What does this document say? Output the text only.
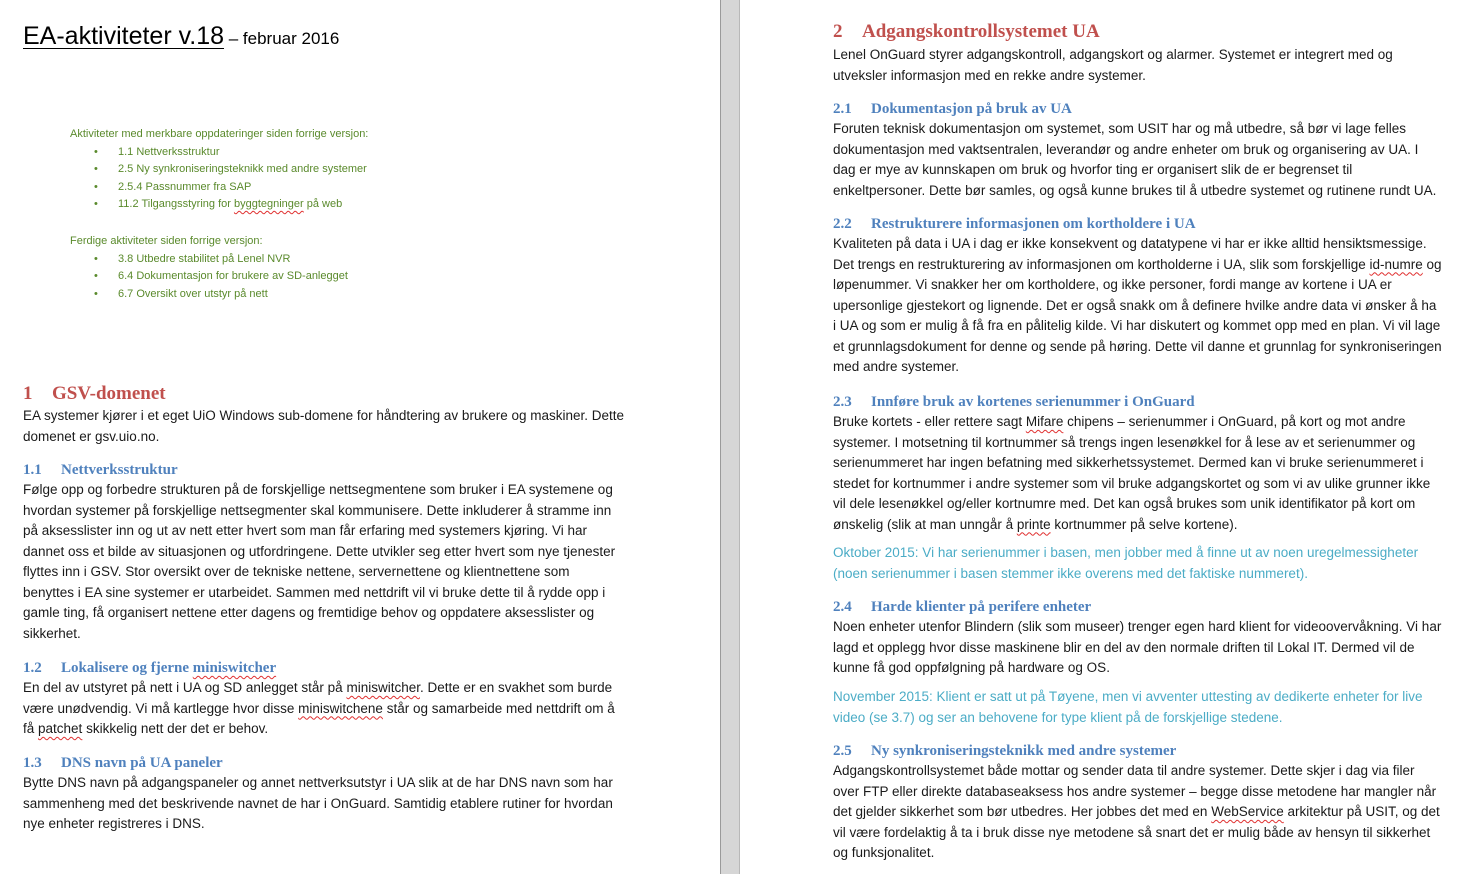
EA-aktiviteter v.18 – februar 2016
Aktiviteter med merkbare oppdateringer siden forrige versjon:
• 1.1 Nettverksstruktur
• 2.5 Ny synkroniseringsteknikk med andre systemer
• 2.5.4 Passnummer fra SAP
• 11.2 Tilgangsstyring for byggtegninger på web
Ferdige aktiviteter siden forrige versjon:
• 3.8 Utbedre stabilitet på Lenel NVR
• 6.4 Dokumentasjon for brukere av SD-anlegget
• 6.7 Oversikt over utstyr på nett
1 GSV-domenet
EA systemer kjører i et eget UiO Windows sub-domene for håndtering av brukere og maskiner. Dette domenet er gsv.uio.no.
1.1 Nettverksstruktur
Følge opp og forbedre strukturen på de forskjellige nettsegmentene som bruker i EA systemene og hvordan systemer på forskjellige nettsegmenter skal kommunisere. Dette inkluderer å stramme inn på aksesslister inn og ut av nett etter hvert som man får erfaring med systemers kjøring. Vi har dannet oss et bilde av situasjonen og utfordringene. Dette utvikler seg etter hvert som nye tjenester flyttes inn i GSV. Stor oversikt over de tekniske nettene, servernettene og klientnettene som benyttes i EA sine systemer er utarbeidet. Sammen med nettdrift vil vi bruke dette til å rydde opp i gamle ting, få organisert nettene etter dagens og fremtidige behov og oppdatere aksesslister og sikkerhet.
1.2 Lokalisere og fjerne miniswitcher
En del av utstyret på nett i UA og SD anlegget står på miniswitcher. Dette er en svakhet som burde være unødvendig. Vi må kartlegge hvor disse miniswitchene står og samarbeide med nettdrift om å få patchet skikkelig nett der det er behov.
1.3 DNS navn på UA paneler
Bytte DNS navn på adgangspaneler og annet nettverksutstyr i UA slik at de har DNS navn som har sammenheng med det beskrivende navnet de har i OnGuard. Samtidig etablere rutiner for hvordan nye enheter registreres i DNS.
2 Adgangskontrollsystemet UA
Lenel OnGuard styrer adgangskontroll, adgangskort og alarmer. Systemet er integrert med og utveksler informasjon med en rekke andre systemer.
2.1 Dokumentasjon på bruk av UA
Foruten teknisk dokumentasjon om systemet, som USIT har og må utbedre, så bør vi lage felles dokumentasjon med vaktsentralen, leverandør og andre enheter om bruk og organisering av UA. I dag er mye av kunnskapen om bruk og hvorfor ting er organisert slik de er begrenset til enkeltpersoner. Dette bør samles, og også kunne brukes til å utbedre systemet og rutinene rundt UA.
2.2 Restrukturere informasjonen om kortholdere i UA
Kvaliteten på data i UA i dag er ikke konsekvent og datatypene vi har er ikke alltid hensiktsmessige. Det trengs en restrukturering av informasjonen om kortholderne i UA, slik som forskjellige id-numre og løpenummer. Vi snakker her om kortholdere, og ikke personer, fordi mange av kortene i UA er upersonlige gjestekort og lignende. Det er også snakk om å definere hvilke andre data vi ønsker å ha i UA og som er mulig å få fra en pålitelig kilde. Vi har diskutert og kommet opp med en plan. Vi vil lage et grunnlagsdokument for denne og sende på høring. Dette vil danne et grunnlag for synkroniseringen med andre systemer.
2.3 Innføre bruk av kortenes serienummer i OnGuard
Bruke kortets - eller rettere sagt Mifare chipens – serienummer i OnGuard, på kort og mot andre systemer. I motsetning til kortnummer så trengs ingen lesenøkkel for å lese av et serienummer og serienummeret har ingen befatning med sikkerhetssystemet. Dermed kan vi bruke serienummeret i stedet for kortnummer i andre systemer som vil bruke adgangskortet og som vi av ulike grunner ikke vil dele lesenøkkel og/eller kortnumre med. Det kan også brukes som unik identifikator på kort om ønskelig (slik at man unngår å printe kortnummer på selve kortene).
Oktober 2015: Vi har serienummer i basen, men jobber med å finne ut av noen uregelmessigheter (noen serienummer i basen stemmer ikke overens med det faktiske nummeret).
2.4 Harde klienter på perifere enheter
Noen enheter utenfor Blindern (slik som museer) trenger egen hard klient for videoovervåkning. Vi har lagd et opplegg hvor disse maskinene blir en del av den normale driften til Lokal IT. Dermed vil de kunne få god oppfølgning på hardware og OS.
November 2015: Klient er satt ut på Tøyene, men vi avventer uttesting av dedikerte enheter for live video (se 3.7) og ser an behovene for type klient på de forskjellige stedene.
2.5 Ny synkroniseringsteknikk med andre systemer
Adgangskontrollsystemet både mottar og sender data til andre systemer. Dette skjer i dag via filer over FTP eller direkte databaseaksess hos andre systemer – begge disse metodene har mangler når det gjelder sikkerhet som bør utbedres. Her jobbes det med en WebService arkitektur på USIT, og det vil være fordelaktig å ta i bruk disse nye metodene så snart det er mulig både av hensyn til sikkerhet og funksjonalitet.
